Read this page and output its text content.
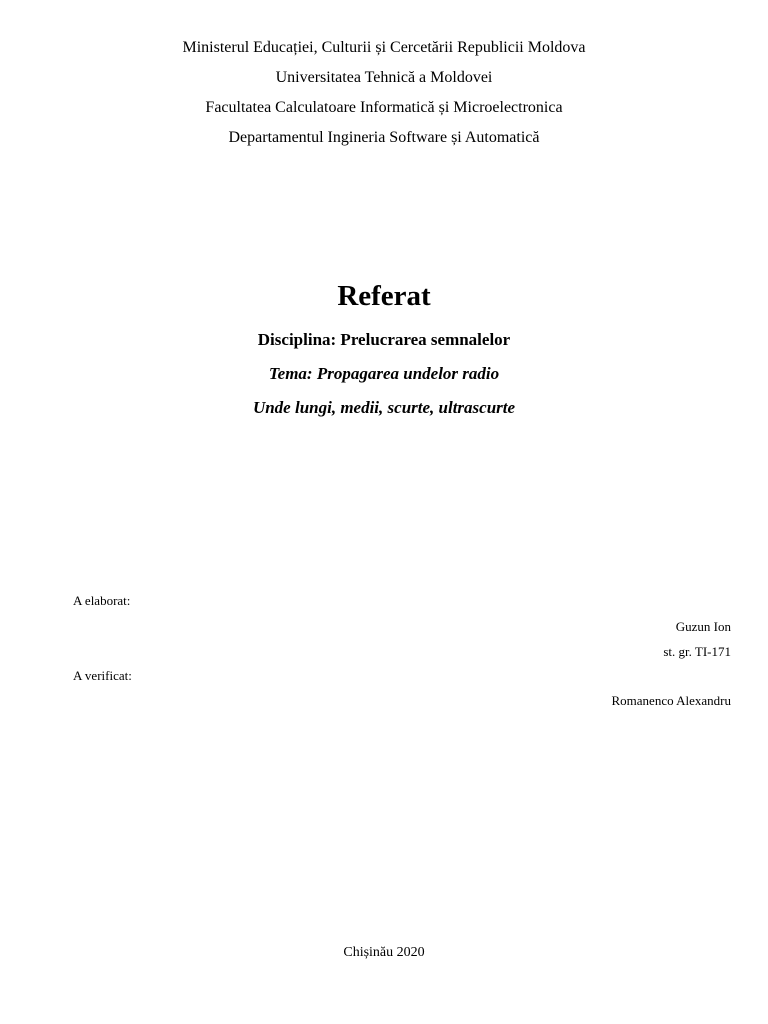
Ministerul Educației, Culturii și Cercetării Republicii Moldova
Universitatea Tehnică a Moldovei
Facultatea Calculatoare Informatică și Microelectronica
Departamentul Ingineria Software și Automatică
Referat
Disciplina: Prelucrarea semnalelor
Tema: Propagarea undelor radio
Unde lungi, medii, scurte, ultrascurte
A elaborat:
Guzun Ion
st. gr. TI-171
A verificat:
Romanenco Alexandru
Chișinău 2020
